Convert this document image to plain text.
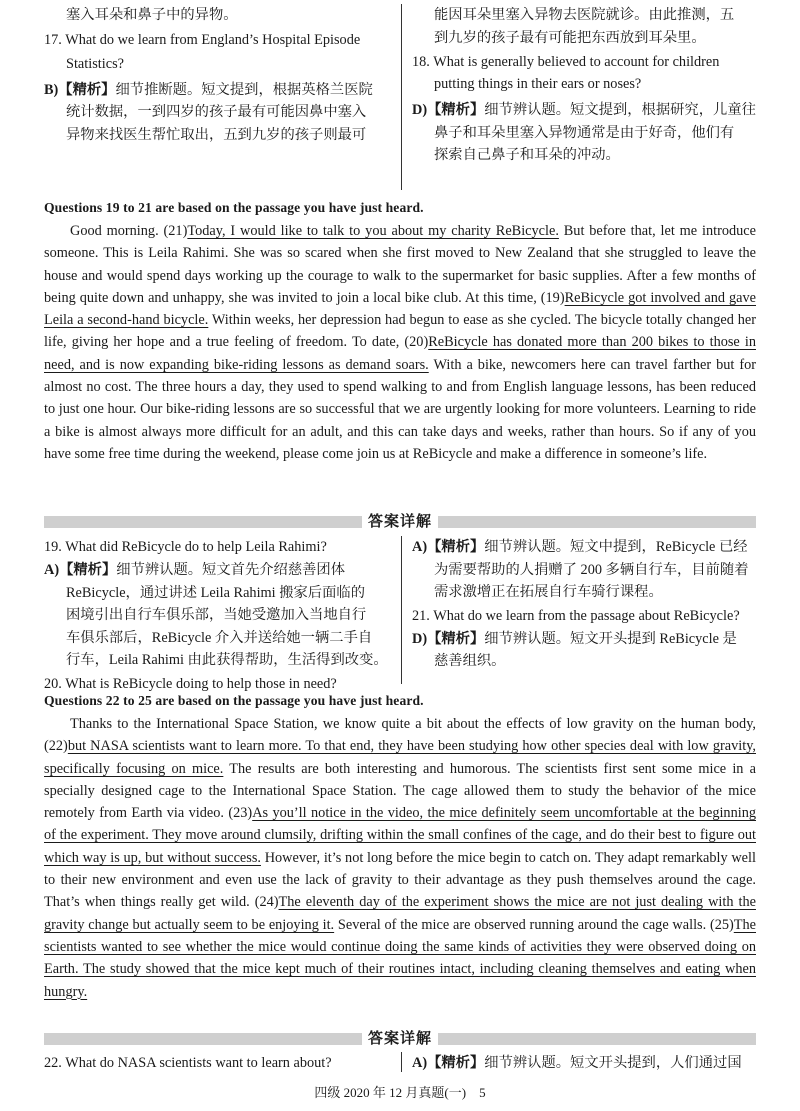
塞入耳朵和鼻子中的异物。

17. What do we learn from England’s Hospital Episode

Statistics?

B)【精析】细节推断题。短文提到，根据英格兰医院

统计数据，一到四岁的孩子最有可能因鼻中塞入

异物来找医生帮忙取出，五到九岁的孩子则最可

能因耳朵里塞入异物去医院就诊。由此推测，五

到九岁的孩子最有可能把东西放到耳朵里。

18. What is generally believed to account for children

putting things in their ears or noses?

D)【精析】细节辨认题。短文提到，根据研究，儿童往

鼻子和耳朵里塞入异物通常是由于好奇，他们有

探索自己鼻子和耳朵的冲动。

Questions 19 to 21 are based on the passage you have just heard.

Good morning. (21)Today, I would like to talk to you about my charity ReBicycle. But before that, let me introduce someone. This is Leila Rahimi. She was so scared when she first moved to New Zealand that she struggled to leave the house and would spend days working up the courage to walk to the supermarket for basic supplies. After a few months of being quite down and unhappy, she was invited to join a local bike club. At this time, (19)ReBicycle got involved and gave Leila a second-hand bicycle. Within weeks, her depression had begun to ease as she cycled. The bicycle totally changed her life, giving her hope and a true feeling of freedom. To date, (20)ReBicycle has donated more than 200 bikes to those in need, and is now expanding bike-riding lessons as demand soars. With a bike, newcomers here can travel farther but for almost no cost. The three hours a day, they used to spend walking to and from English language lessons, has been reduced to just one hour. Our bike-riding lessons are so successful that we are urgently looking for more volunteers. Learning to ride a bike is almost always more difficult for an adult, and this can take days and weeks, rather than hours. So if any of you have some free time during the weekend, please come join us at ReBicycle and make a difference in someone’s life.

答案详解

19. What did ReBicycle do to help Leila Rahimi?

A)【精析】细节辨认题。短文首先介绍慈善团体

ReBicycle，通过讲述 Leila Rahimi 搬家后面临的

困境引出自行车俱乐部，当她受邀加入当地自行

车俱乐部后，ReBicycle 介入并送给她一辆二手自

行车，Leila Rahimi 由此获得帮助，生活得到改变。

20. What is ReBicycle doing to help those in need?

A)【精析】细节辨认题。短文中提到，ReBicycle 已经

为需要帮助的人捐赠了 200 多辆自行车，目前随着

需求激增正在拓展自行车骑行课程。

21. What do we learn from the passage about ReBicycle?

D)【精析】细节辨认题。短文开头提到 ReBicycle 是

慈善组织。

Questions 22 to 25 are based on the passage you have just heard.

Thanks to the International Space Station, we know quite a bit about the effects of low gravity on the human body, (22)but NASA scientists want to learn more. To that end, they have been studying how other species deal with low gravity, specifically focusing on mice. The results are both interesting and humorous. The scientists first sent some mice in a specially designed cage to the International Space Station. The cage allowed them to study the behavior of the mice remotely from Earth via video. (23)As you’ll notice in the video, the mice definitely seem uncomfortable at the beginning of the experiment. They move around clumsily, drifting within the small confines of the cage, and do their best to figure out which way is up, but without success. However, it’s not long before the mice begin to catch on. They adapt remarkably well to their new environment and even use the lack of gravity to their advantage as they push themselves around the cage. That’s when things really get wild. (24)The eleventh day of the experiment shows the mice are not just dealing with the gravity change but actually seem to be enjoying it. Several of the mice are observed running around the cage walls. (25)The scientists wanted to see whether the mice would continue doing the same kinds of activities they were observed doing on Earth. The study showed that the mice kept much of their routines intact, including cleaning themselves and eating when hungry.

答案详解

22. What do NASA scientists want to learn about?	A)【精析】细节辨认题。短文开头提到，人们通过国

四级 2020 年 12 月真题(一)　5
